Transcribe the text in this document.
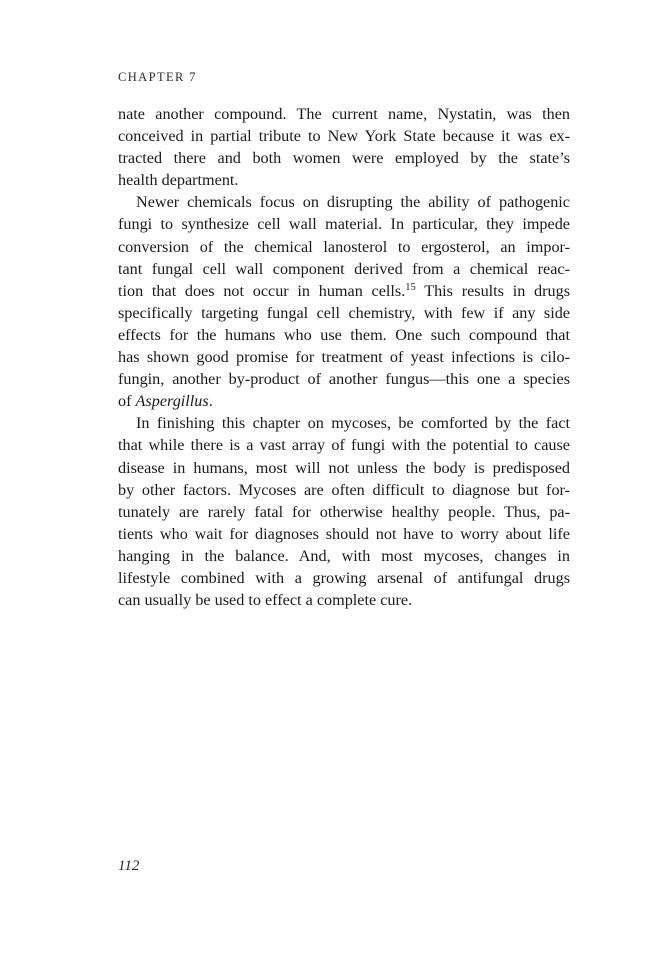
CHAPTER 7
nate another compound. The current name, Nystatin, was then
conceived in partial tribute to New York State because it was ex-
tracted there and both women were employed by the state’s
health department.
Newer chemicals focus on disrupting the ability of pathogenic
fungi to synthesize cell wall material. In particular, they impede
conversion of the chemical lanosterol to ergosterol, an impor-
tant fungal cell wall component derived from a chemical reac-
tion that does not occur in human cells.$^{15}$ This results in drugs
specifically targeting fungal cell chemistry, with few if any side
effects for the humans who use them. One such compound that
has shown good promise for treatment of yeast infections is cilo-
fungin, another by-product of another fungus—this one a species
of Aspergillus.
In finishing this chapter on mycoses, be comforted by the fact
that while there is a vast array of fungi with the potential to cause
disease in humans, most will not unless the body is predisposed
by other factors. Mycoses are often difficult to diagnose but for-
tunately are rarely fatal for otherwise healthy people. Thus, pa-
tients who wait for diagnoses should not have to worry about life
hanging in the balance. And, with most mycoses, changes in
lifestyle combined with a growing arsenal of antifungal drugs
can usually be used to effect a complete cure.
112
